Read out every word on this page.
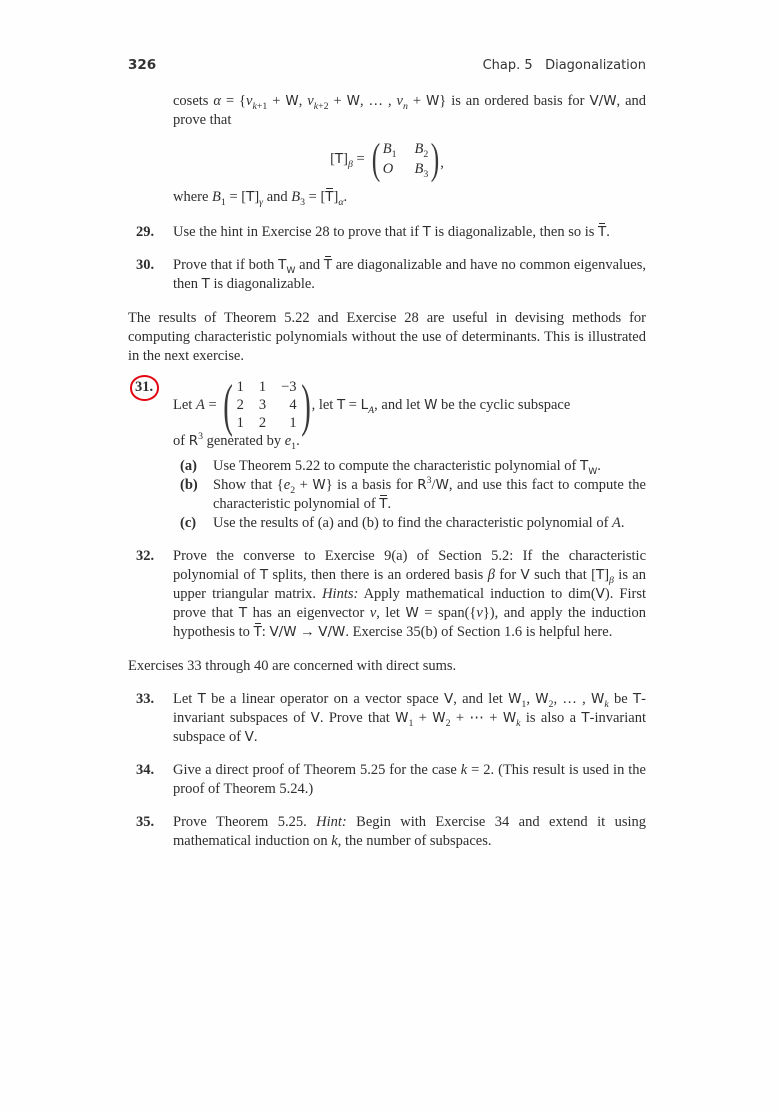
326	Chap. 5   Diagonalization
cosets $\alpha = \{v_{k+1} + W$, $v_{k+2} + W$, … , $v_n + W$} is an ordered basis for V/W, and prove that
$[T]_\beta$ = ( $B_1$ $B_2$
O $B_3$ ) ,
where $B_1 = [T]_\gamma$ and $B_3 = [T]_\alpha$.
29.	Use the hint in Exercise 28 to prove that if T is diagonalizable, then so is T.
30.	Prove that if both $T_W$ and T are diagonalizable and have no common eigenvalues, then T is diagonalizable.
The results of Theorem 5.22 and Exercise 28 are useful in devising methods for computing characteristic polynomials without the use of determinants. This is illustrated in the next exercise.
31.
Let A = ( 1 1 −3
2 3 4
1 2 1 ) , let $T = L_A$, and let W be the cyclic subspace
of $R^3$ generated by $e_1$.
(a)	Use Theorem 5.22 to compute the characteristic polynomial of $T_W$.
(b)	Show that $\{e_2 + W\}$ is a basis for $R^3/W$, and use this fact to compute the characteristic polynomial of T.
(c)	Use the results of (a) and (b) to find the characteristic polynomial of A.
32.	Prove the converse to Exercise 9(a) of Section 5.2: If the characteristic polynomial of T splits, then there is an ordered basis β for V such that $[T]_\beta$ is an upper triangular matrix. Hints: Apply mathematical induction to dim(V). First prove that T has an eigenvector v, let W = span({v}), and apply the induction hypothesis to T: V/W → V/W. Exercise 35(b) of Section 1.6 is helpful here.
Exercises 33 through 40 are concerned with direct sums.
33.	Let T be a linear operator on a vector space V, and let $W_1$, $W_2$, … , $W_k$ be T-invariant subspaces of V. Prove that $W_1 + W_2$ + ⋯ + $W_k$ is also a T-invariant subspace of V.
34.	Give a direct proof of Theorem 5.25 for the case k = 2. (This result is used in the proof of Theorem 5.24.)
35.	Prove Theorem 5.25. Hint: Begin with Exercise 34 and extend it using mathematical induction on k, the number of subspaces.
